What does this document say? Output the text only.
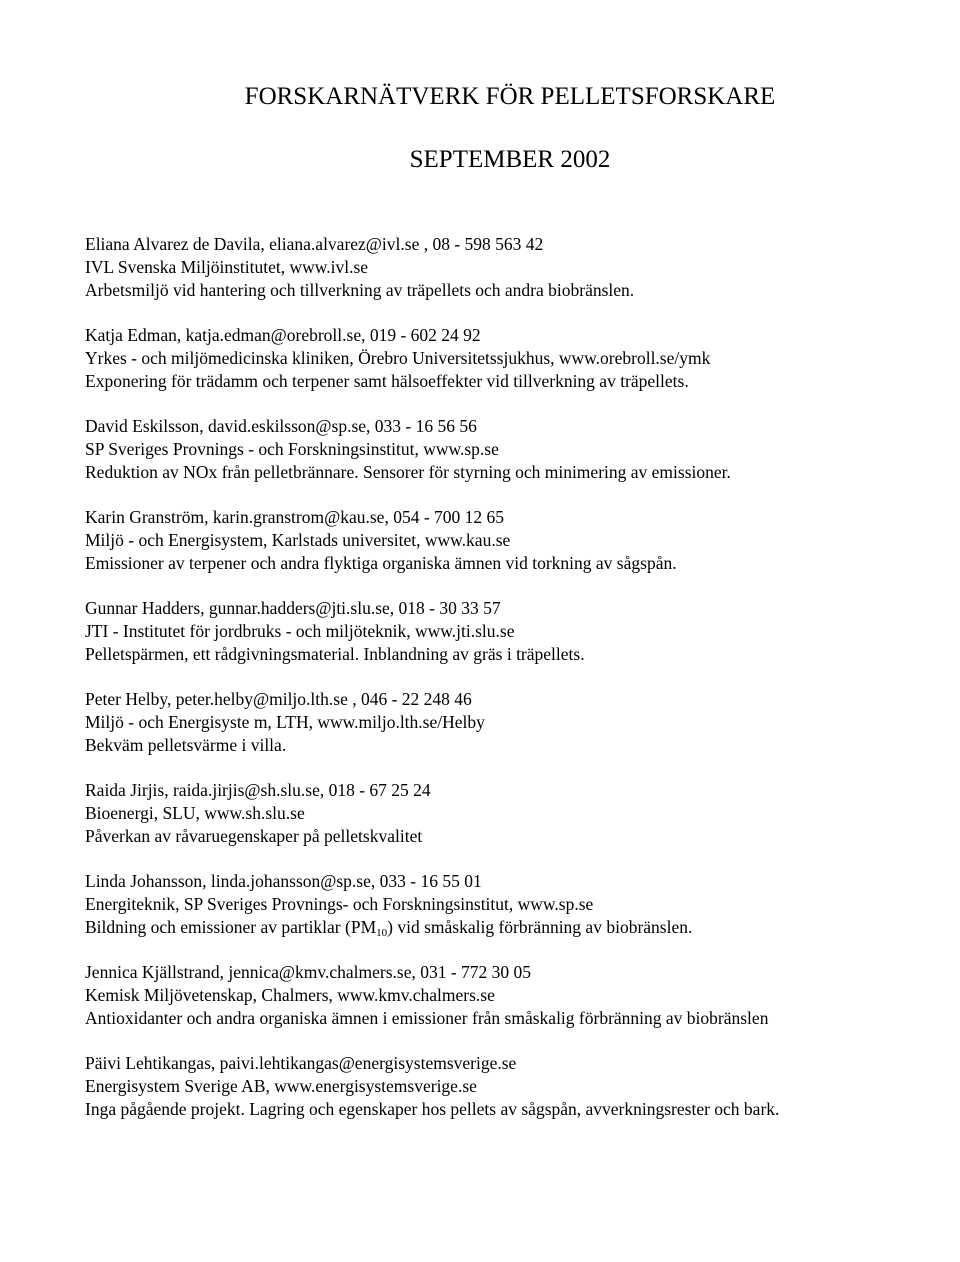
FORSKARNÄTVERK FÖR PELLETSFORSKARE
SEPTEMBER 2002
Eliana Alvarez de Davila, eliana.alvarez@ivl.se , 08 - 598 563 42
IVL Svenska Miljöinstitutet, www.ivl.se
Arbetsmiljö vid hantering och tillverkning av träpellets och andra biobränslen.
Katja Edman, katja.edman@orebroll.se, 019 - 602 24 92
Yrkes - och miljömedicinska kliniken, Örebro Universitetssjukhus, www.orebroll.se/ymk
Exponering för trädamm och terpener samt hälsoeffekter vid tillverkning av träpellets.
David Eskilsson, david.eskilsson@sp.se, 033 - 16 56 56
SP Sveriges Provnings - och Forskningsinstitut, www.sp.se
Reduktion av NOx från pelletbrännare. Sensorer för styrning och minimering av emissioner.
Karin Granström, karin.granstrom@kau.se, 054 - 700 12 65
Miljö - och Energisystem, Karlstads universitet, www.kau.se
Emissioner av terpener och andra flyktiga organiska ämnen vid torkning av sågspån.
Gunnar Hadders, gunnar.hadders@jti.slu.se, 018 - 30 33 57
JTI - Institutet för jordbruks - och miljöteknik, www.jti.slu.se
Pelletspärmen, ett rådgivningsmaterial. Inblandning av gräs i träpellets.
Peter Helby, peter.helby@miljo.lth.se , 046 - 22 248 46
Miljö - och Energisyste m, LTH, www.miljo.lth.se/Helby
Bekväm pelletsvärme i villa.
Raida Jirjis, raida.jirjis@sh.slu.se, 018 - 67 25 24
Bioenergi, SLU, www.sh.slu.se
Påverkan av råvaruegenskaper på pelletskvalitet
Linda Johansson, linda.johansson@sp.se, 033 - 16 55 01
Energiteknik, SP Sveriges Provnings- och Forskningsinstitut, www.sp.se
Bildning och emissioner av partiklar $(PM_{10})$ vid småskalig förbränning av biobränslen.
Jennica Kjällstrand, jennica@kmv.chalmers.se, 031 - 772 30 05
Kemisk Miljövetenskap, Chalmers, www.kmv.chalmers.se
Antioxidanter och andra organiska ämnen i emissioner från småskalig förbränning av biobränslen
Päivi Lehtikangas, paivi.lehtikangas@energisystemsverige.se
Energisystem Sverige AB, www.energisystemsverige.se
Inga pågående projekt. Lagring och egenskaper hos pellets av sågspån, avverkningsrester och bark.
